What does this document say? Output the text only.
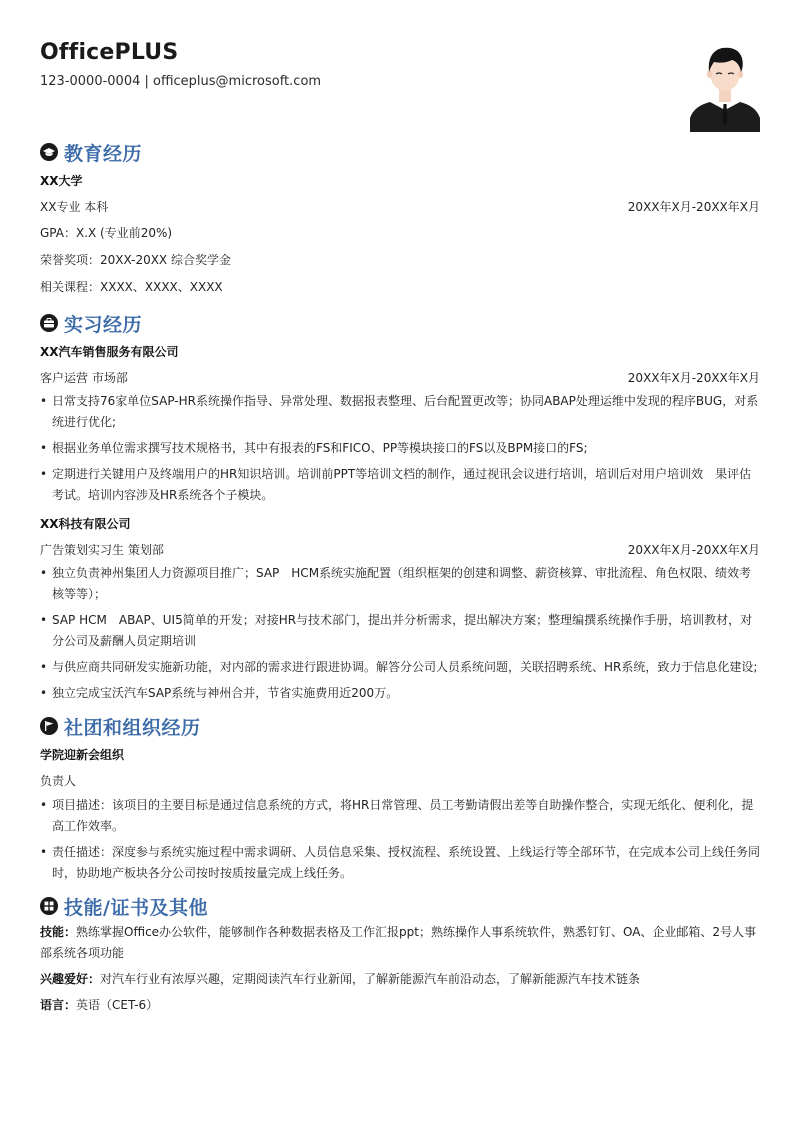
OfficePLUS
123-0000-0004 | officeplus@microsoft.com
教育经历
XX大学
XX专业 本科	20XX年X月-20XX年X月
GPA：X.X (专业前20%)
荣誉奖项：20XX-20XX 综合奖学金
相关课程：XXXX、XXXX、XXXX
实习经历
XX汽车销售服务有限公司
客户运营 市场部	20XX年X月-20XX年X月
• 日常支持76家单位SAP-HR系统操作指导、异常处理、数据报表整理、后台配置更改等；协同ABAP处理运维中发现的程序BUG，对系统进行优化;
• 根据业务单位需求撰写技术规格书，其中有报表的FS和FICO、PP等模块接口的FS以及BPM接口的FS;
• 定期进行关键用户及终端用户的HR知识培训。培训前PPT等培训文档的制作，通过视讯会议进行培训，培训后对用户培训效　果评估考试。培训内容涉及HR系统各个子模块。
XX科技有限公司
广告策划实习生 策划部	20XX年X月-20XX年X月
• 独立负责神州集团人力资源项目推广；SAP　HCM系统实施配置（组织框架的创建和调整、薪资核算、审批流程、角色权限、绩效考核等等）；
• SAP HCM　ABAP、UI5简单的开发；对接HR与技术部门，提出并分析需求，提出解决方案；整理编撰系统操作手册，培训教材，对分公司及薪酬人员定期培训
• 与供应商共同研发实施新功能，对内部的需求进行跟进协调。解答分公司人员系统问题，关联招聘系统、HR系统，致力于信息化建设;
• 独立完成宝沃汽车SAP系统与神州合并，节省实施费用近200万。
社团和组织经历
学院迎新会组织
负责人
• 项目描述：该项目的主要目标是通过信息系统的方式，将HR日常管理、员工考勤请假出差等自助操作整合，实现无纸化、便利化，提高工作效率。
• 责任描述：深度参与系统实施过程中需求调研、人员信息采集、授权流程、系统设置、上线运行等全部环节，在完成本公司上线任务同时，协助地产板块各分公司按时按质按量完成上线任务。
技能/证书及其他
技能：熟练掌握Office办公软件，能够制作各种数据表格及工作汇报ppt；熟练操作人事系统软件，熟悉钉钉、OA、企业邮箱、2号人事部系统各项功能
兴趣爱好：对汽车行业有浓厚兴趣，定期阅读汽车行业新闻，了解新能源汽车前沿动态，了解新能源汽车技术链条
语言：英语（CET-6）
